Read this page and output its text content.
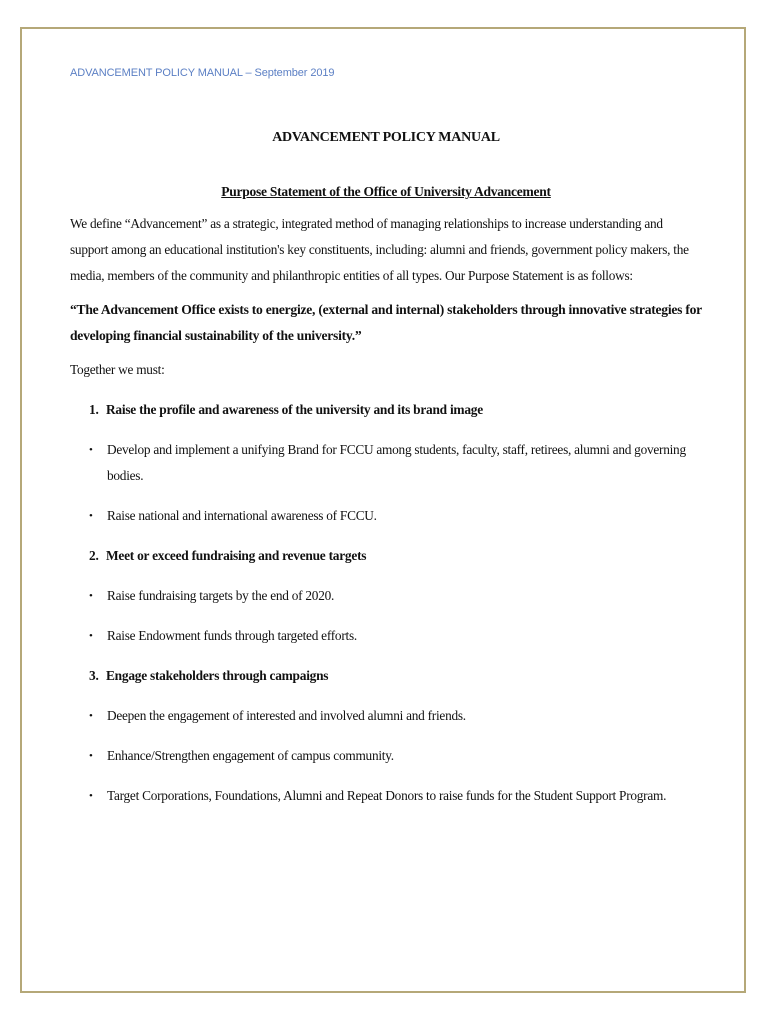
ADVANCEMENT POLICY MANUAL – September 2019

ADVANCEMENT POLICY MANUAL

Purpose Statement of the Office of University Advancement

We define “Advancement” as a strategic, integrated method of managing relationships to increase understanding and support among an educational institution's key constituents, including: alumni and friends, government policy makers, the media, members of the community and philanthropic entities of all types. Our Purpose Statement is as follows:

“The Advancement Office exists to energize, (external and internal) stakeholders through innovative strategies for developing financial sustainability of the university.”

Together we must:

1. Raise the profile and awareness of the university and its brand image

•	Develop and implement a unifying Brand for FCCU among students, faculty, staff, retirees, alumni and governing bodies.

•	Raise national and international awareness of FCCU.

2. Meet or exceed fundraising and revenue targets

•	Raise fundraising targets by the end of 2020.

•	Raise Endowment funds through targeted efforts.

3. Engage stakeholders through campaigns

•	Deepen the engagement of interested and involved alumni and friends.

•	Enhance/Strengthen engagement of campus community.

•	Target Corporations, Foundations, Alumni and Repeat Donors to raise funds for the Student Support Program.
